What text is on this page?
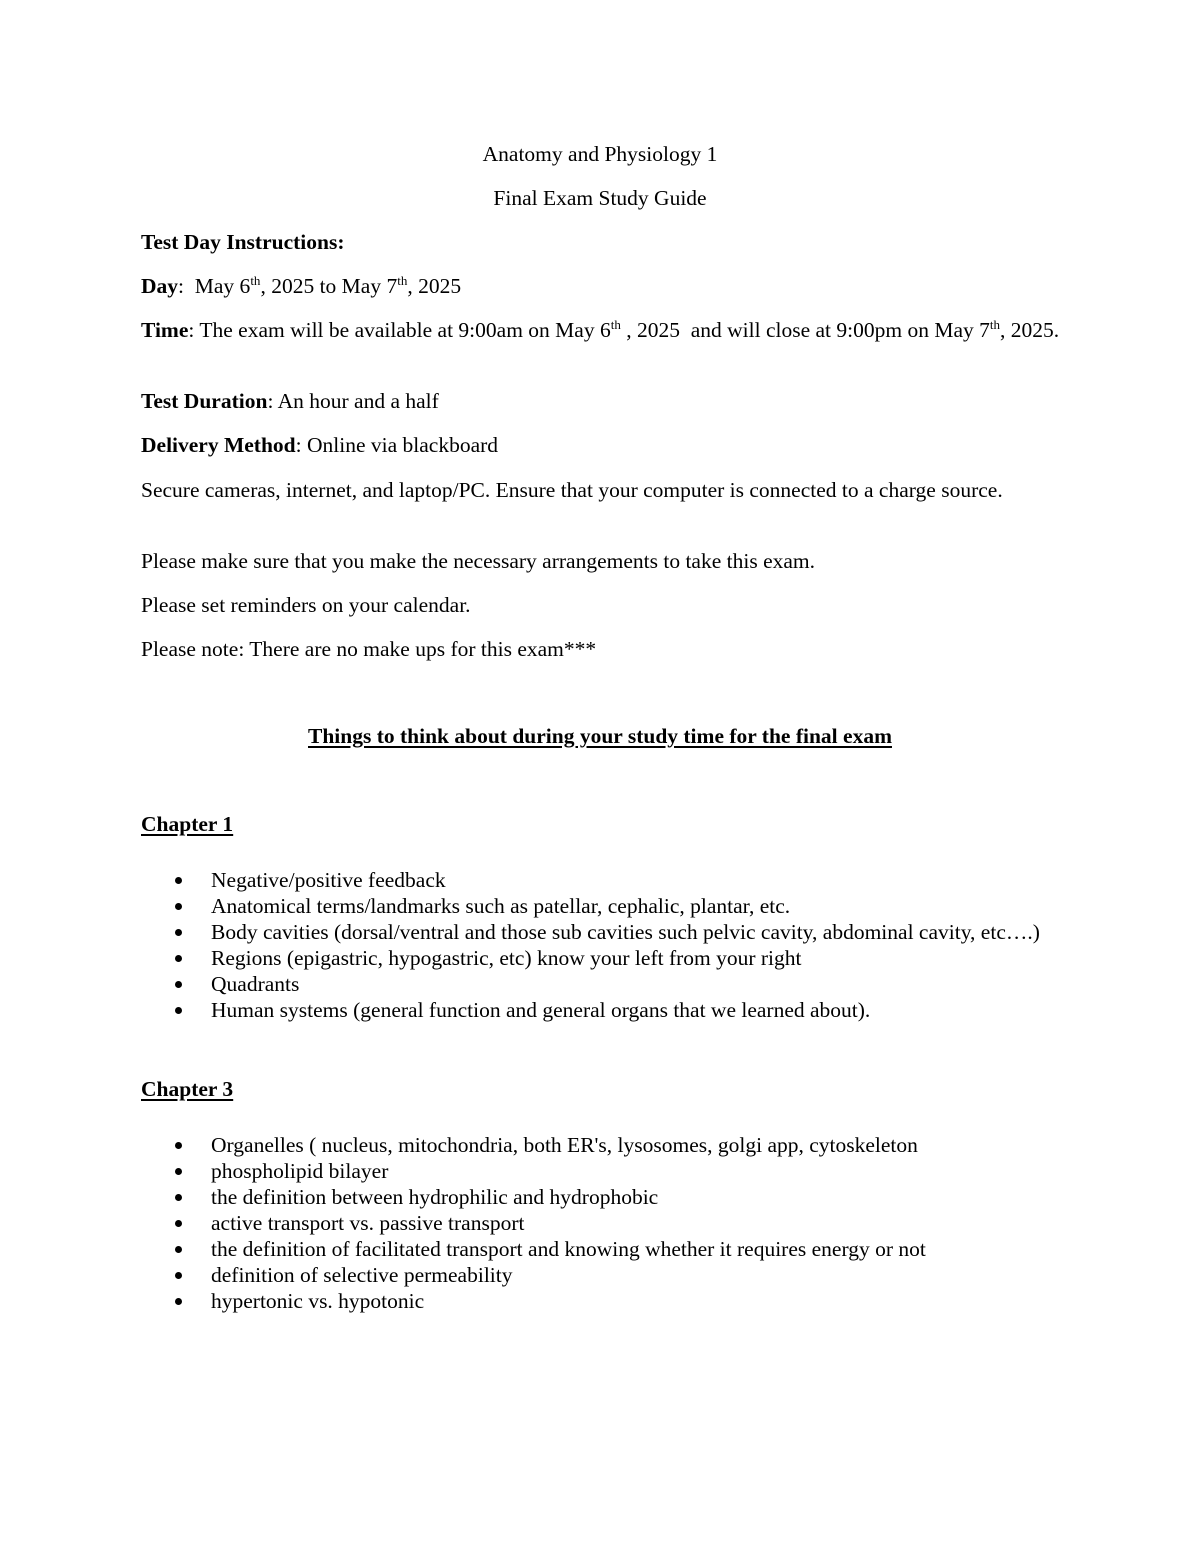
Anatomy and Physiology 1

Final Exam Study Guide

Test Day Instructions:

Day:  May 6th, 2025 to May 7th, 2025

Time: The exam will be available at 9:00am on May 6th , 2025  and will close at 9:00pm on May 7th, 2025.

Test Duration: An hour and a half

Delivery Method: Online via blackboard

Secure cameras, internet, and laptop/PC. Ensure that your computer is connected to a charge source.

Please make sure that you make the necessary arrangements to take this exam.

Please set reminders on your calendar.

Please note: There are no make ups for this exam***

Things to think about during your study time for the final exam

Chapter 1

Negative/positive feedback
Anatomical terms/landmarks such as patellar, cephalic, plantar, etc.
Body cavities (dorsal/ventral and those sub cavities such pelvic cavity, abdominal cavity, etc….)
Regions (epigastric, hypogastric, etc) know your left from your right
Quadrants
Human systems (general function and general organs that we learned about).

Chapter 3

Organelles ( nucleus, mitochondria, both ER's, lysosomes, golgi app, cytoskeleton
phospholipid bilayer
the definition between hydrophilic and hydrophobic
active transport vs. passive transport
the definition of facilitated transport and knowing whether it requires energy or not
definition of selective permeability
hypertonic vs. hypotonic
